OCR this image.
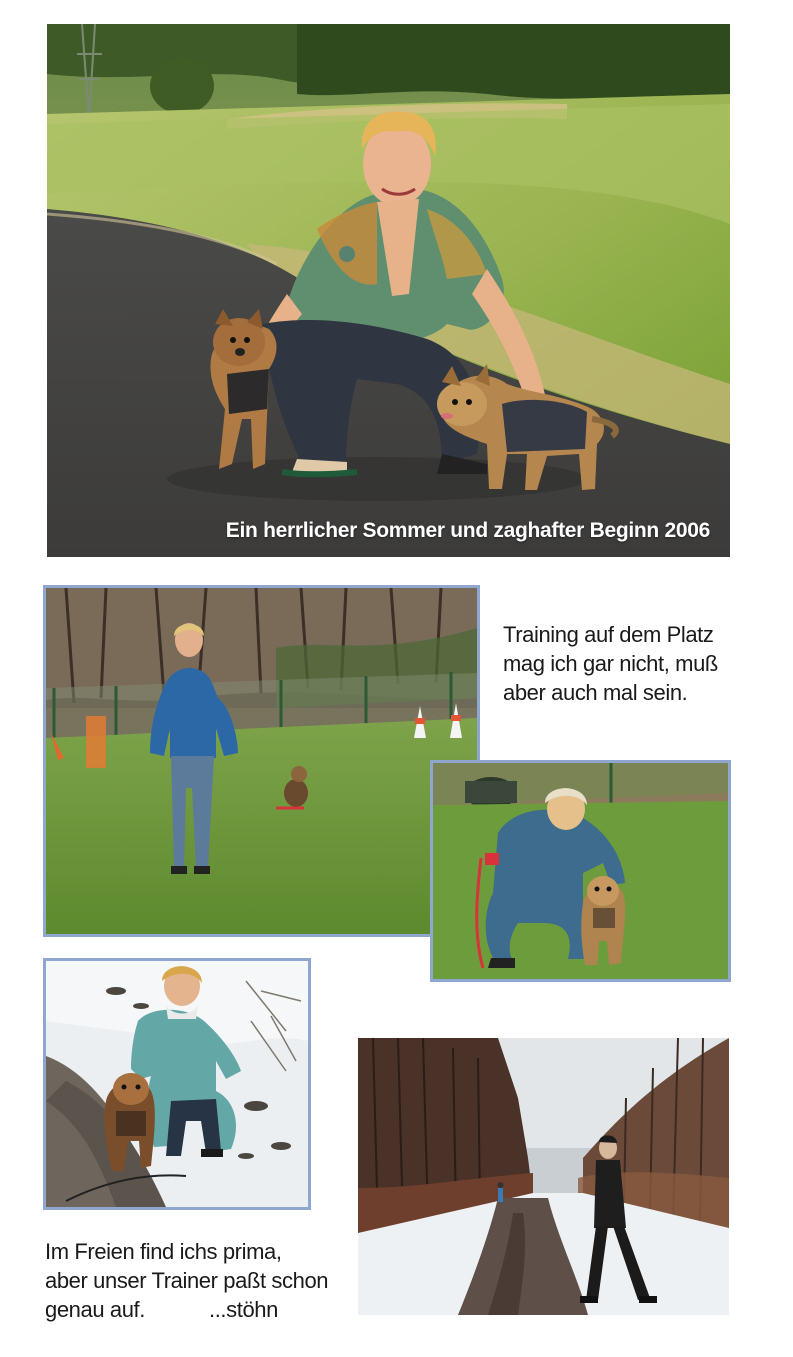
Ein herrlicher Sommer und zaghafter Beginn 2006
Training auf dem Platz
mag ich gar nicht, muß
aber auch mal sein.
Im Freien find ichs prima,
aber unser Trainer paßt schon
genau auf.	...stöhn
